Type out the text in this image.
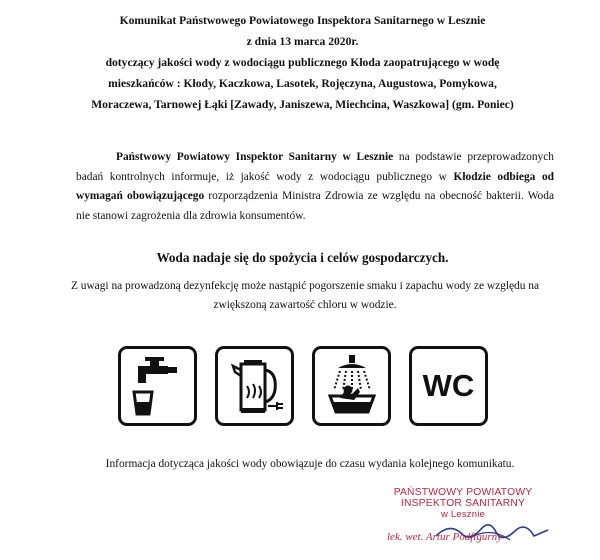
Komunikat Państwowego Powiatowego Inspektora Sanitarnego w Lesznie
z dnia 13 marca 2020r.
dotyczący jakości wody z wodociągu publicznego Kłoda zaopatrującego w wodę
mieszkańców : Kłody, Kaczkowa, Lasotek, Rojęczyna, Augustowa, Pomykowa,
Moraczewa, Tarnowej Łąki [Zawady, Janiszewa, Miechcina, Waszkowa] (gm. Poniec)
Państwowy Powiatowy Inspektor Sanitarny w Lesznie na podstawie przeprowadzonych badań kontrolnych informuje, iż jakość wody z wodociągu publicznego w Kłodzie odbiega od wymagań obowiązującego rozporządzenia Ministra Zdrowia ze względu na obecność bakterii. Woda nie stanowi zagrożenia dla zdrowia konsumentów.
Woda nadaje się do spożycia i celów gospodarczych.
Z uwagi na prowadzoną dezynfekcję może nastąpić pogorszenie smaku i zapachu wody ze względu na zwiększoną zawartość chloru w wodzie.
WC
Informacja dotycząca jakości wody obowiązuje do czasu wydania kolejnego komunikatu.
PAŃSTWOWY POWIATOWY
INSPEKTOR SANITARNY
w Lesznie
lek. wet. Artur Podfigurny
